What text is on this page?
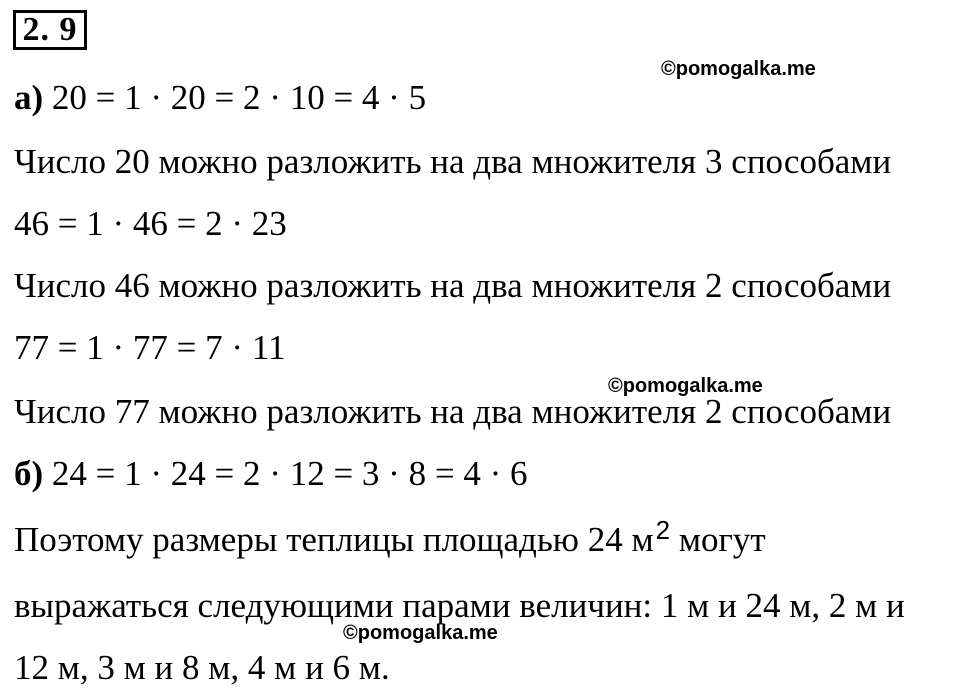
2. 9
©pomogalka.me
а) 20 = 1 · 20 = 2 · 10 = 4 · 5
Число 20 можно разложить на два множителя 3 способами
46 = 1 · 46 = 2 · 23
Число 46 можно разложить на два множителя 2 способами
77 = 1 · 77 = 7 · 11
©pomogalka.me
Число 77 можно разложить на два множителя 2 способами
б) 24 = 1 · 24 = 2 · 12 = 3 · 8 = 4 · 6
Поэтому размеры теплицы площадью 24 $м^2$ могут
выражаться следующими парами величин: 1 м и 24 м, 2 м и
©pomogalka.me
12 м, 3 м и 8 м, 4 м и 6 м.
